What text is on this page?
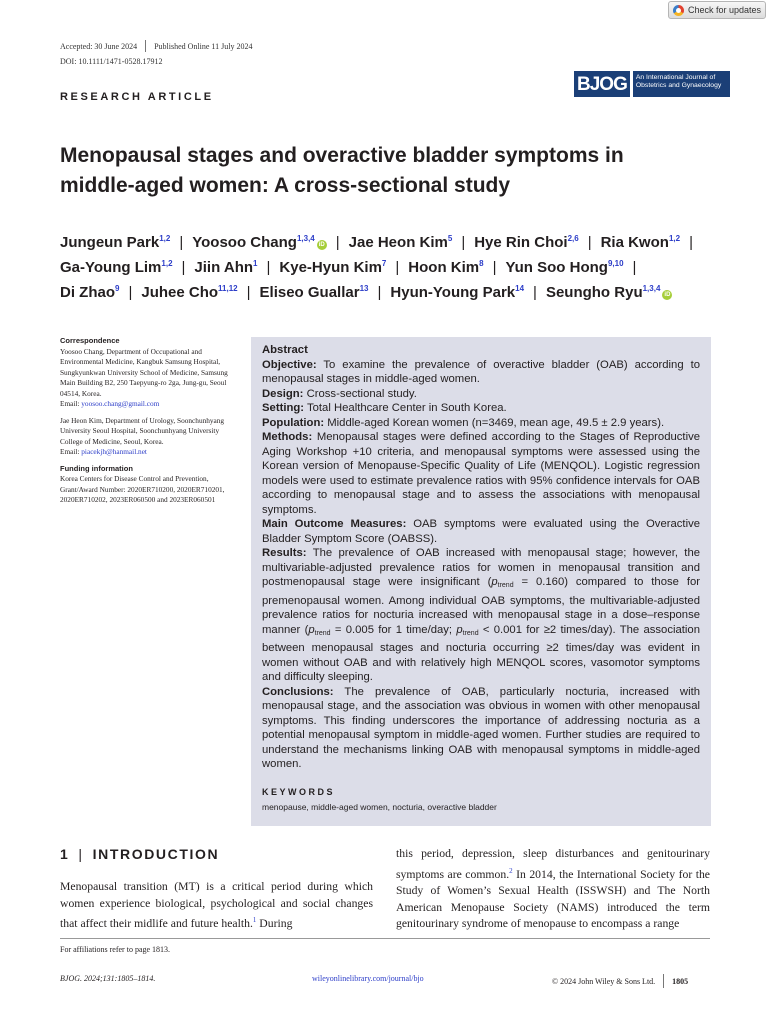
Check for updates
Accepted: 30 June 2024 Published Online 11 July 2024
DOI: 10.1111/1471-0528.17912
RESEARCH ARTICLE
BJOG	An International Journal of
Obstetrics and Gynaecology
Menopausal stages and overactive bladder symptoms in middle-aged women: A cross-sectional study
Jungeun Park$^{1,2}$ | Yoosoo Chang$^{1,3,4}$iD | Jae Heon Kim$^5$ | Hye Rin Choi$^{2,6}$ | Ria Kwon$^{1,2}$ |
Ga-Young Lim$^{1,2}$ | Jiin Ahn$^1$ | Kye-Hyun Kim$^7$ | Hoon Kim$^8$ | Yun Soo Hong$^{9,10}$ |
Di Zhao$^9$ | Juhee Cho$^{11,12}$ | Eliseo Guallar$^{13}$ | Hyun-Young Park$^{14}$ | Seungho Ryu$^{1,3,4}$iD

Correspondence
Yoosoo Chang, Department of Occupational and Environmental Medicine, Kangbuk Samsung Hospital, Sungkyunkwan University School of Medicine, Samsung Main Building B2, 250 Taepyung-ro 2ga, Jung-gu, Seoul 04514, Korea.
Email: yoosoo.chang@gmail.com

Jae Heon Kim, Department of Urology, Soonchunhyang University Seoul Hospital, Soonchunhyang University College of Medicine, Seoul, Korea.
Email: piacekjh@hanmail.net

Funding information
Korea Centers for Disease Control and Prevention, Grant/Award Number: 2020ER710200, 2020ER710201, 2020ER710202, 2023ER060500 and 2023ER060501

Abstract

Objective: To examine the prevalence of overactive bladder (OAB) according to menopausal stages in middle-aged women.

Design: Cross-sectional study.

Setting: Total Healthcare Center in South Korea.

Population: Middle-aged Korean women (n=3469, mean age, 49.5 ± 2.9 years).

Methods: Menopausal stages were defined according to the Stages of Reproductive Aging Workshop +10 criteria, and menopausal symptoms were assessed using the Korean version of Menopause-Specific Quality of Life (MENQOL). Logistic regression models were used to estimate prevalence ratios with 95% confidence intervals for OAB according to menopausal stage and to assess the associations with menopausal symptoms.

Main Outcome Measures: OAB symptoms were evaluated using the Overactive Bladder Symptom Score (OABSS).

Results: The prevalence of OAB increased with menopausal stage; however, the multivariable-adjusted prevalence ratios for women in menopausal transition and postmenopausal stage were insignificant $(p_{trend} = 0.160)$ compared to those for premenopausal women. Among individual OAB symptoms, the multivariable-adjusted prevalence ratios for nocturia increased with menopausal stage in a dose–response manner ($p_{trend} = 0.005$ for 1 time/day; $p_{trend} < 0.001$ for ≥2 times/day). The association between menopausal stages and nocturia occurring ≥2 times/day was evident in women without OAB and with relatively high MENQOL scores, vasomotor symptoms and difficulty sleeping.

Conclusions: The prevalence of OAB, particularly nocturia, increased with menopausal stage, and the association was obvious in women with other menopausal symptoms. This finding underscores the importance of addressing nocturia as a potential menopausal symptom in middle-aged women. Further studies are required to understand the mechanisms linking OAB with menopausal symptoms in middle-aged women.

KEYWORDS
menopause, middle-aged women, nocturia, overactive bladder
1 | INTRODUCTION
Menopausal transition (MT) is a critical period during which women experience biological, psychological and social changes that affect their midlife and future health.$^1$ During
this period, depression, sleep disturbances and genitourinary symptoms are common.$^2$ In 2014, the International Society for the Study of Women’s Sexual Health (ISSWSH) and The North American Menopause Society (NAMS) introduced the term genitourinary syndrome of menopause to encompass a range
For affiliations refer to page 1813.
BJOG. 2024;131:1805–1814.	wileyonlinelibrary.com/journal/bjo	© 2024 John Wiley & Sons Ltd. 1805
